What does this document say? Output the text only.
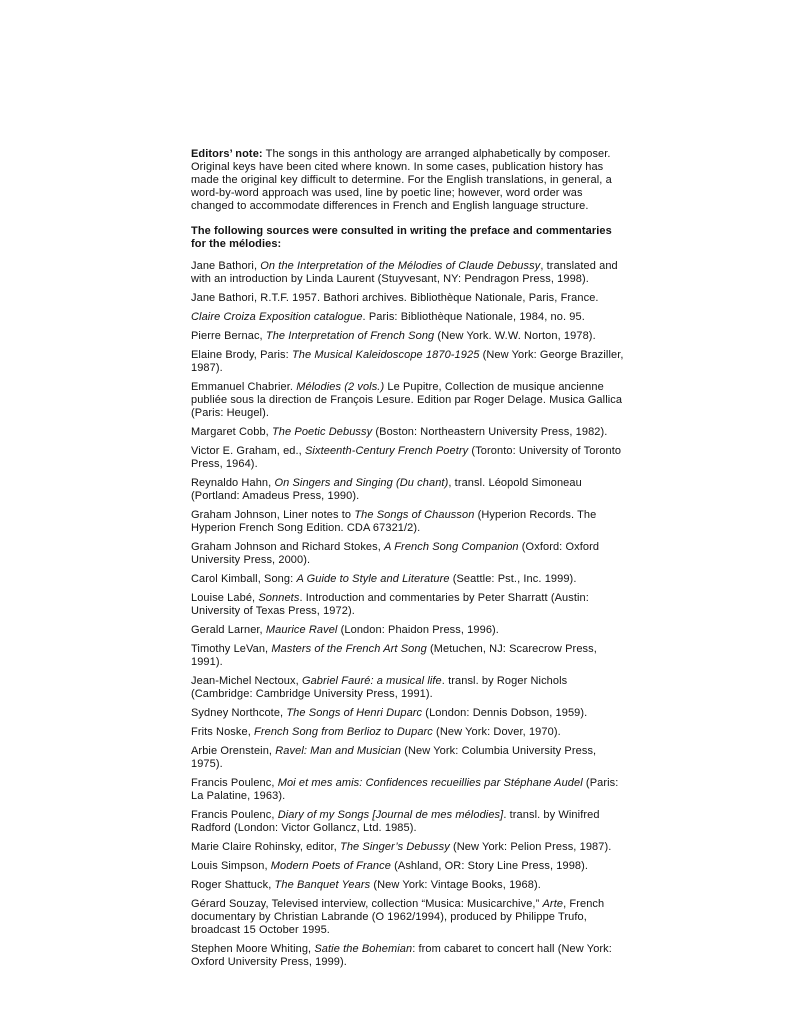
Editors’ note: The songs in this anthology are arranged alphabetically by composer. Original keys have been cited where known. In some cases, publication history has made the original key difficult to determine. For the English translations, in general, a word-by-word approach was used, line by poetic line; however, word order was changed to accommodate differences in French and English language structure.

The following sources were consulted in writing the preface and commentaries for the mélodies:

Jane Bathori, On the Interpretation of the Mélodies of Claude Debussy, translated and with an introduction by Linda Laurent (Stuyvesant, NY: Pendragon Press, 1998).

Jane Bathori, R.T.F. 1957. Bathori archives. Bibliothèque Nationale, Paris, France.

Claire Croiza Exposition catalogue. Paris: Bibliothèque Nationale, 1984, no. 95.

Pierre Bernac, The Interpretation of French Song (New York. W.W. Norton, 1978).

Elaine Brody, Paris: The Musical Kaleidoscope 1870-1925 (New York: George Braziller, 1987).

Emmanuel Chabrier. Mélodies (2 vols.) Le Pupitre, Collection de musique ancienne publiée sous la direction de François Lesure. Edition par Roger Delage. Musica Gallica (Paris: Heugel).

Margaret Cobb, The Poetic Debussy (Boston: Northeastern University Press, 1982).

Victor E. Graham, ed., Sixteenth-Century French Poetry (Toronto: University of Toronto Press, 1964).

Reynaldo Hahn, On Singers and Singing (Du chant), transl. Léopold Simoneau (Portland: Amadeus Press, 1990).

Graham Johnson, Liner notes to The Songs of Chausson (Hyperion Records. The Hyperion French Song Edition. CDA 67321/2).

Graham Johnson and Richard Stokes, A French Song Companion (Oxford: Oxford University Press, 2000).

Carol Kimball, Song: A Guide to Style and Literature (Seattle: Pst., Inc. 1999).

Louise Labé, Sonnets. Introduction and commentaries by Peter Sharratt (Austin: University of Texas Press, 1972).

Gerald Larner, Maurice Ravel (London: Phaidon Press, 1996).

Timothy LeVan, Masters of the French Art Song (Metuchen, NJ: Scarecrow Press, 1991).

Jean-Michel Nectoux, Gabriel Fauré: a musical life. transl. by Roger Nichols (Cambridge: Cambridge University Press, 1991).

Sydney Northcote, The Songs of Henri Duparc (London: Dennis Dobson, 1959).

Frits Noske, French Song from Berlioz to Duparc (New York: Dover, 1970).

Arbie Orenstein, Ravel: Man and Musician (New York: Columbia University Press, 1975).

Francis Poulenc, Moi et mes amis: Confidences recueillies par Stéphane Audel (Paris: La Palatine, 1963).

Francis Poulenc, Diary of my Songs [Journal de mes mélodies]. transl. by Winifred Radford (London: Victor Gollancz, Ltd. 1985).

Marie Claire Rohinsky, editor, The Singer’s Debussy (New York: Pelion Press, 1987).

Louis Simpson, Modern Poets of France (Ashland, OR: Story Line Press, 1998).

Roger Shattuck, The Banquet Years (New York: Vintage Books, 1968).

Gérard Souzay, Televised interview, collection “Musica: Musicarchive,” Arte, French documentary by Christian Labrande (O 1962/1994), produced by Philippe Trufo, broadcast 15 October 1995.

Stephen Moore Whiting, Satie the Bohemian: from cabaret to concert hall (New York: Oxford University Press, 1999).
